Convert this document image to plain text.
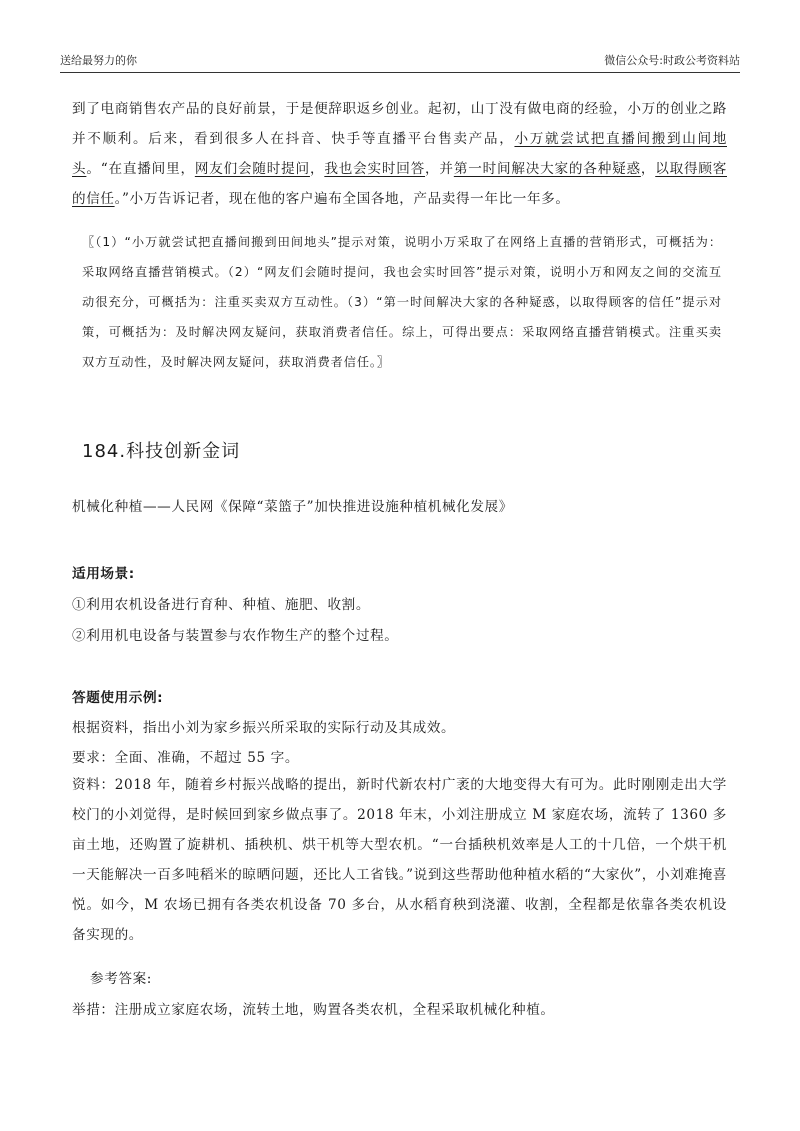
送给最努力的你	微信公众号:时政公考资料站
到了电商销售农产品的良好前景，于是便辞职返乡创业。起初，山丁没有做电商的经验，小万的创业之路并不顺利。后来，看到很多人在抖音、快手等直播平台售卖产品，小万就尝试把直播间搬到山间地头。“在直播间里，网友们会随时提问，我也会实时回答，并第一时间解决大家的各种疑惑，以取得顾客的信任。”小万告诉记者，现在他的客户遍布全国各地，产品卖得一年比一年多。
〖（1）“小万就尝试把直播间搬到田间地头”提示对策，说明小万采取了在网络上直播的营销形式，可概括为：采取网络直播营销模式。（2）“网友们会随时提问，我也会实时回答”提示对策，说明小万和网友之间的交流互动很充分，可概括为：注重买卖双方互动性。（3）“第一时间解决大家的各种疑惑，以取得顾客的信任”提示对策，可概括为：及时解决网友疑问，获取消费者信任。综上，可得出要点：采取网络直播营销模式。注重买卖双方互动性，及时解决网友疑问，获取消费者信任。〗
184.科技创新金词
机械化种植——人民网《保障“菜篮子”加快推进设施种植机械化发展》
适用场景:
①利用农机设备进行育种、种植、施肥、收割。
②利用机电设备与装置参与农作物生产的整个过程。
答题使用示例:
根据资料，指出小刘为家乡振兴所采取的实际行动及其成效。
要求：全面、准确，不超过 55 字。
资料：2018 年，随着乡村振兴战略的提出，新时代新农村广袤的大地变得大有可为。此时刚刚走出大学校门的小刘觉得，是时候回到家乡做点事了。2018 年末，小刘注册成立 M 家庭农场，流转了 1360 多亩土地，还购置了旋耕机、插秧机、烘干机等大型农机。“一台插秧机效率是人工的十几倍，一个烘干机一天能解决一百多吨稻米的晾晒问题，还比人工省钱。”说到这些帮助他种植水稻的“大家伙”，小刘难掩喜悦。如今，M 农场已拥有各类农机设备 70 多台，从水稻育秧到浇灌、收割，全程都是依靠各类农机设备实现的。
参考答案:
举措：注册成立家庭农场，流转土地，购置各类农机，全程采取机械化种植。
